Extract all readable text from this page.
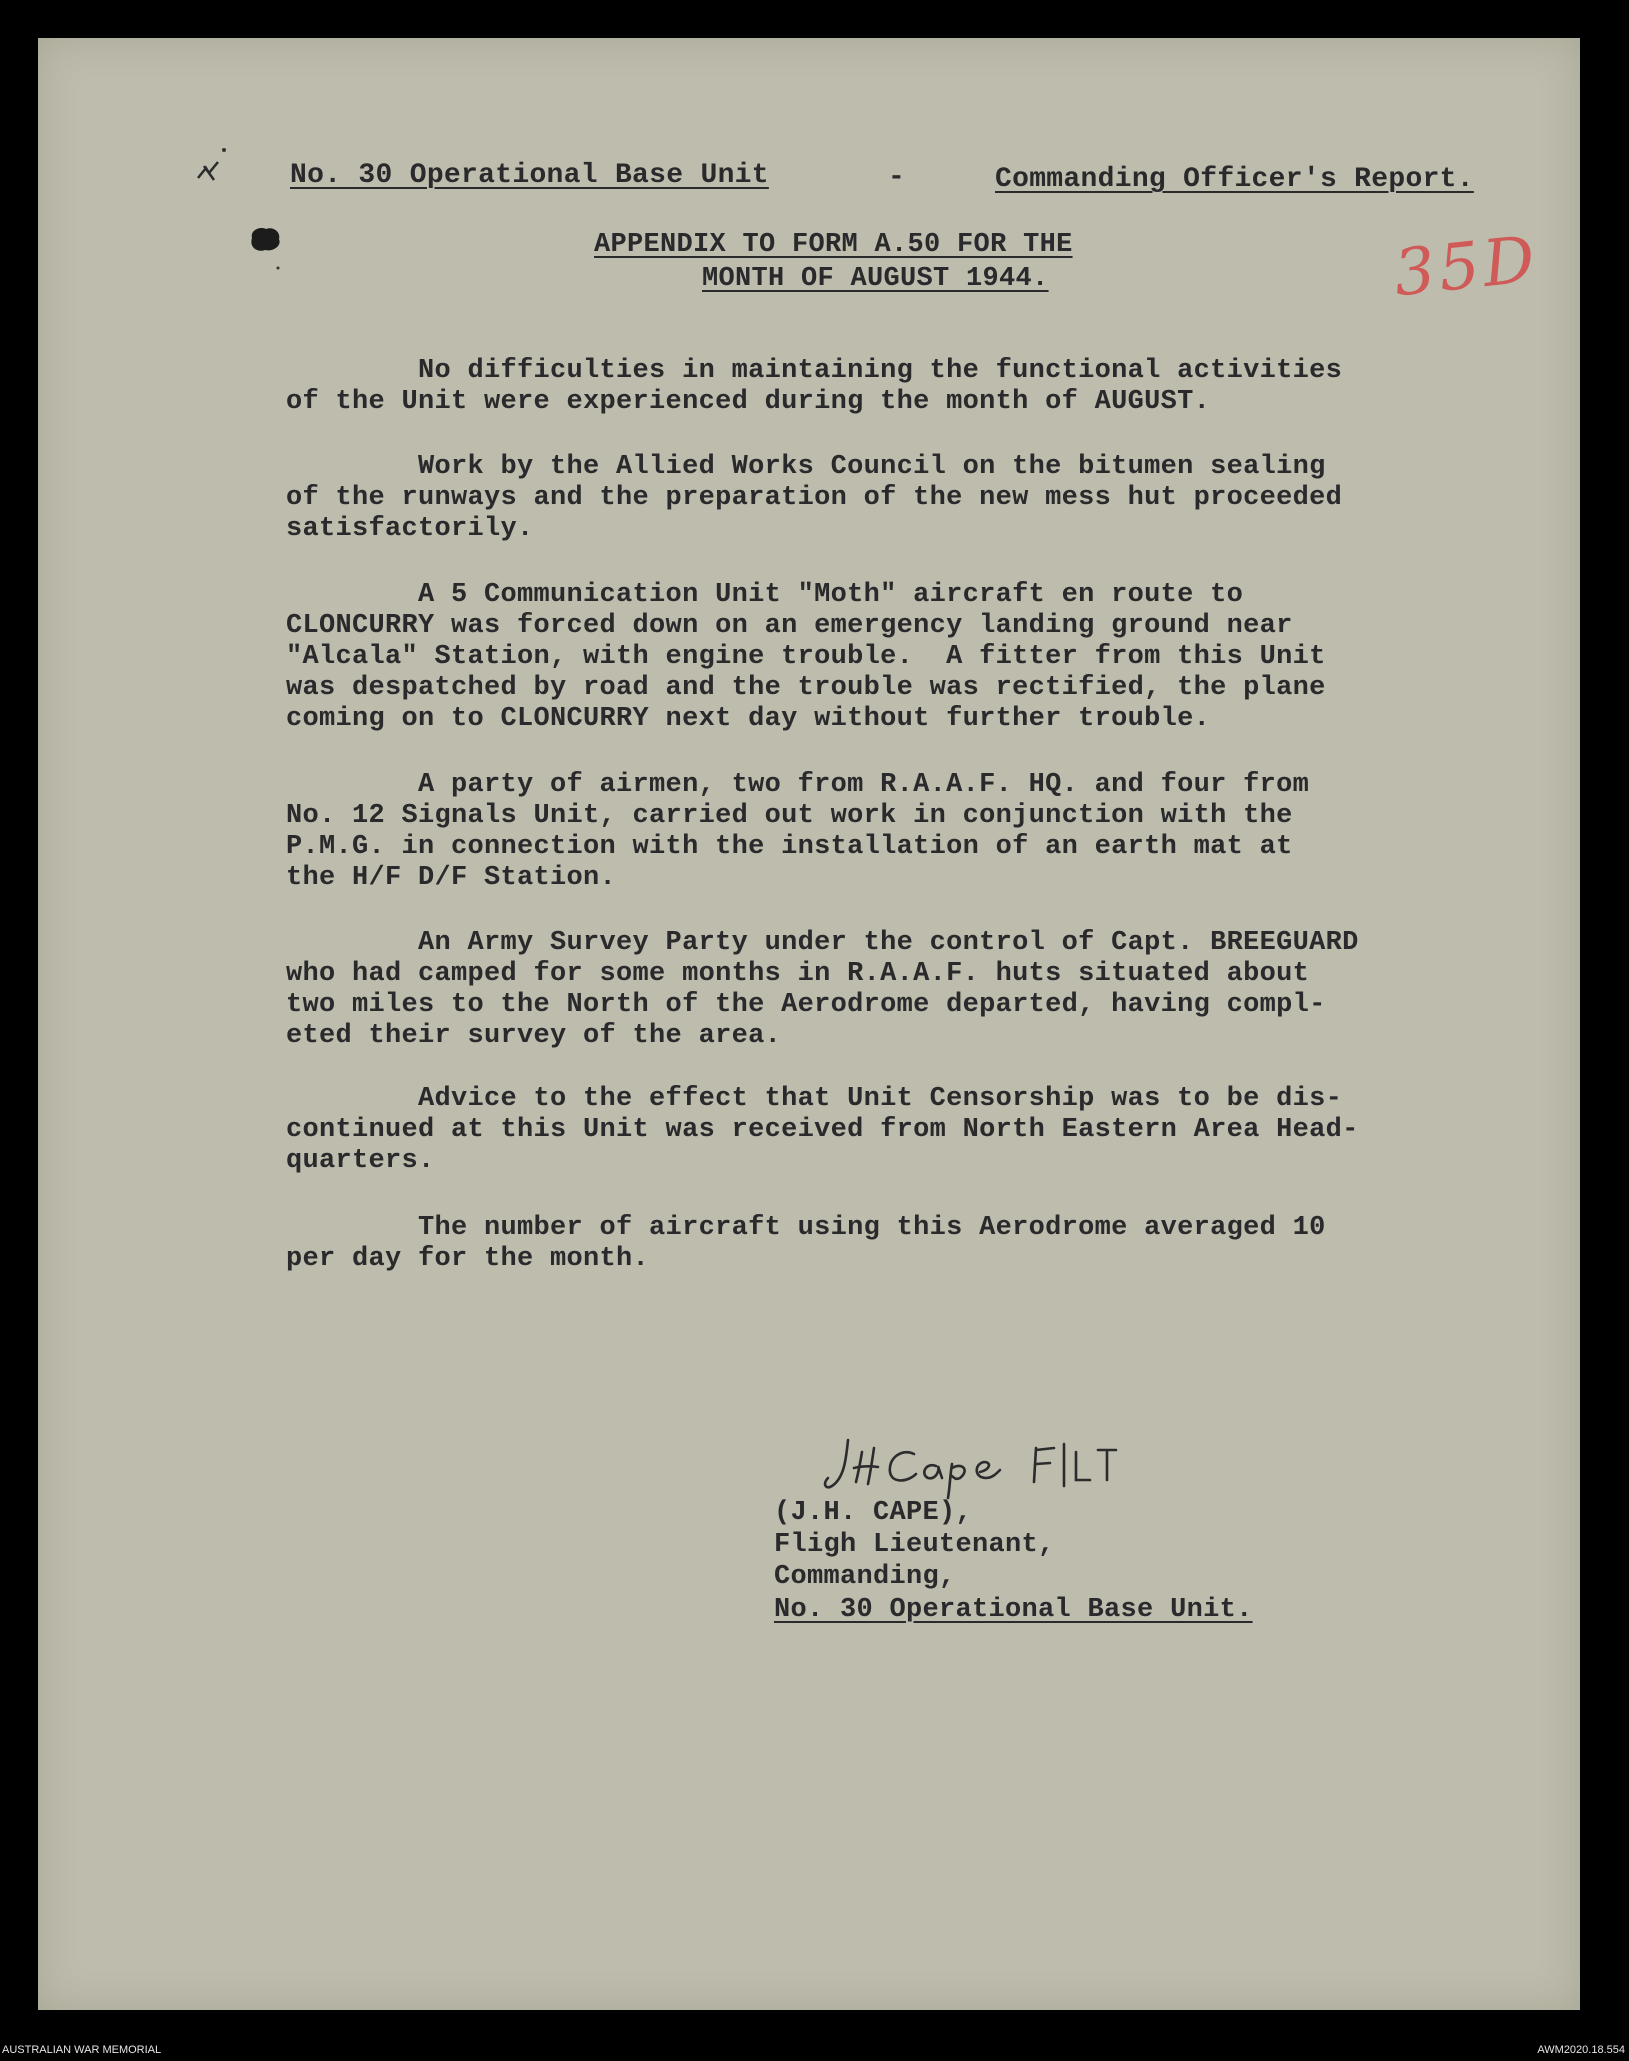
No. 30 Operational Base Unit	-	Commanding Officer's Report.
APPENDIX TO FORM A.50 FOR THE
MONTH OF AUGUST 1944.	35D
No difficulties in maintaining the functional activities
of the Unit were experienced during the month of AUGUST.
Work by the Allied Works Council on the bitumen sealing
of the runways and the preparation of the new mess hut proceeded
satisfactorily.
A 5 Communication Unit "Moth" aircraft en route to
CLONCURRY was forced down on an emergency landing ground near
"Alcala" Station, with engine trouble.  A fitter from this Unit
was despatched by road and the trouble was rectified, the plane
coming on to CLONCURRY next day without further trouble.
A party of airmen, two from R.A.A.F. HQ. and four from
No. 12 Signals Unit, carried out work in conjunction with the
P.M.G. in connection with the installation of an earth mat at
the H/F D/F Station.
An Army Survey Party under the control of Capt. BREEGUARD
who had camped for some months in R.A.A.F. huts situated about
two miles to the North of the Aerodrome departed, having compl-
eted their survey of the area.
Advice to the effect that Unit Censorship was to be dis-
continued at this Unit was received from North Eastern Area Head-
quarters.
The number of aircraft using this Aerodrome averaged 10
per day for the month.
(J.H. CAPE),
Fligh Lieutenant,
Commanding,
No. 30 Operational Base Unit.
AUSTRALIAN WAR MEMORIAL	AWM2020.18.554
